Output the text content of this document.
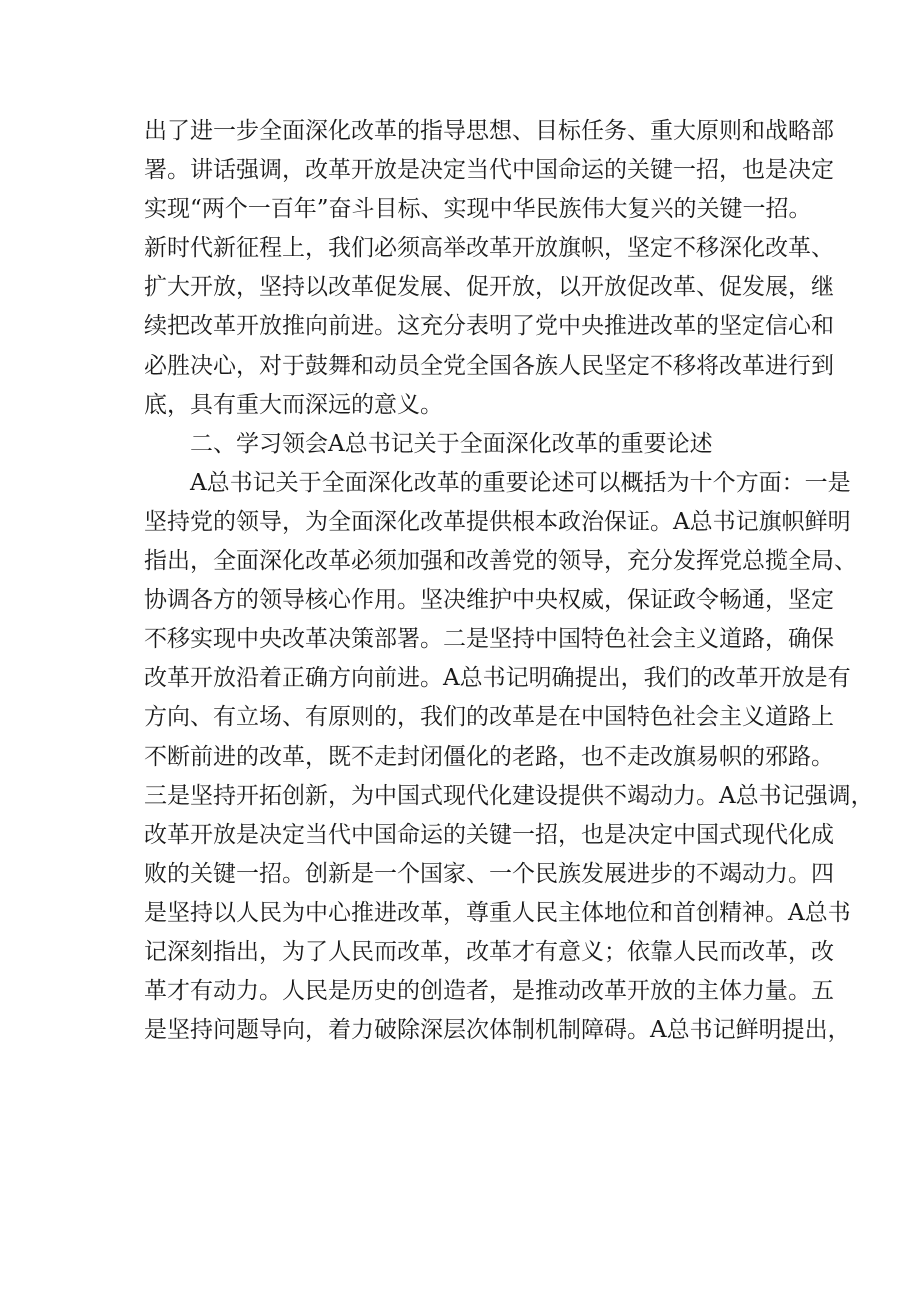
出了进一步全面深化改革的指导思想、目标任务、重大原则和战略部
署。讲话强调，改革开放是决定当代中国命运的关键一招，也是决定
实现“两个一百年”奋斗目标、实现中华民族伟大复兴的关键一招。
新时代新征程上，我们必须高举改革开放旗帜，坚定不移深化改革、
扩大开放，坚持以改革促发展、促开放，以开放促改革、促发展，继
续把改革开放推向前进。这充分表明了党中央推进改革的坚定信心和
必胜决心，对于鼓舞和动员全党全国各族人民坚定不移将改革进行到
底，具有重大而深远的意义。
二、学习领会A总书记关于全面深化改革的重要论述
A总书记关于全面深化改革的重要论述可以概括为十个方面：一是
坚持党的领导，为全面深化改革提供根本政治保证。A总书记旗帜鲜明
指出，全面深化改革必须加强和改善党的领导，充分发挥党总揽全局、
协调各方的领导核心作用。坚决维护中央权威，保证政令畅通，坚定
不移实现中央改革决策部署。二是坚持中国特色社会主义道路，确保
改革开放沿着正确方向前进。A总书记明确提出，我们的改革开放是有
方向、有立场、有原则的，我们的改革是在中国特色社会主义道路上
不断前进的改革，既不走封闭僵化的老路，也不走改旗易帜的邪路。
三是坚持开拓创新，为中国式现代化建设提供不竭动力。A总书记强调，
改革开放是决定当代中国命运的关键一招，也是决定中国式现代化成
败的关键一招。创新是一个国家、一个民族发展进步的不竭动力。四
是坚持以人民为中心推进改革，尊重人民主体地位和首创精神。A总书
记深刻指出，为了人民而改革，改革才有意义；依靠人民而改革，改
革才有动力。人民是历史的创造者，是推动改革开放的主体力量。五
是坚持问题导向，着力破除深层次体制机制障碍。A总书记鲜明提出，
